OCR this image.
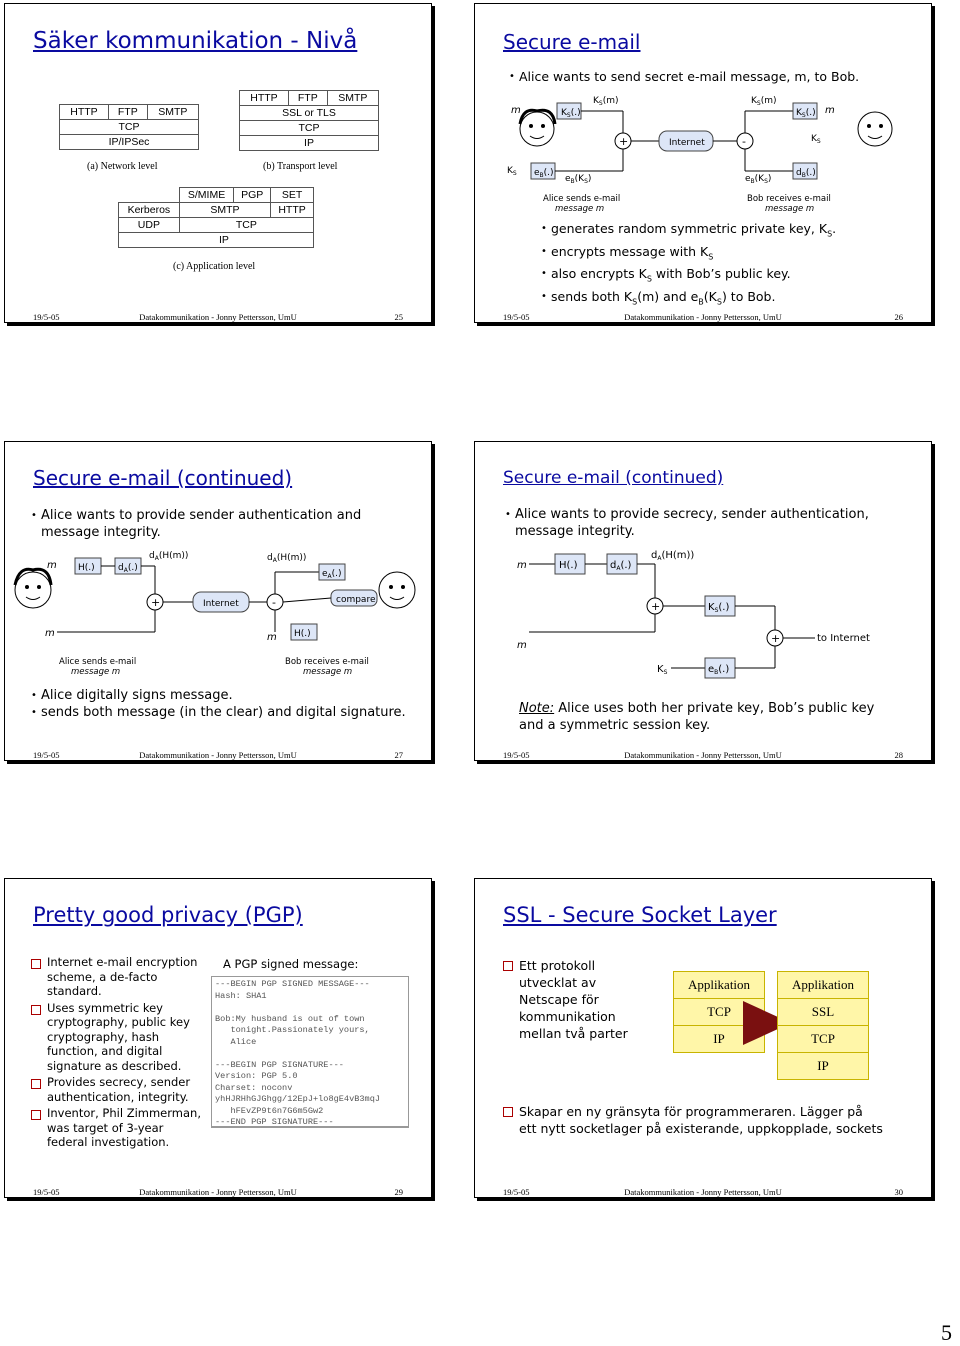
Säker kommunikation - Nivå
HTTP	FTP	SMTP
TCP
IP/IPSec
HTTP	FTP	SMTP
SSL or TLS
TCP
IP
(a) Network level	(b) Transport level
	S/MIME	PGP	SET
Kerberos	SMTP		HTTP
UDP	TCP		
IP			
(c) Application level
19/5-05	Datakommunikation - Jonny Pettersson, UmU	25
Secure e-mail
• Alice wants to send secret e-mail message, m, to Bob.
m	$K_S(.)$
$K_S(m)$
+	Internet	-
$K_S(m)$
$K_S(.)$ m
$K_S$
$K_S$ $e_B(.)$
$e_B(K_S)$	$e_B(K_S)$
$d_B(.)$
Alice sends e-mail
message m
Bob receives e-mail
message m
• generates random symmetric private key, $K_S$.
• encrypts message with $K_S$
• also encrypts $K_S$ with Bob’s public key.
• sends both $K_S(m)$ and $e_B(K_S)$ to Bob.
19/5-05	Datakommunikation - Jonny Pettersson, UmU	26
Secure e-mail (continued)
• Alice wants to provide sender authentication and message integrity.
m H(.)	$d_A(.)$
$d_A(H(m))$
+	Internet	-
$d_A(H(m))$
$e_A(.)$
compare
m	m H(.)
Alice sends e-mail
message m
Bob receives e-mail
message m
• Alice digitally signs message.
• sends both message (in the clear) and digital signature.
19/5-05	Datakommunikation - Jonny Pettersson, UmU	27
Secure e-mail (continued)
• Alice wants to provide secrecy, sender authentication, message integrity.
m	H(.)	$d_A(.)$
$d_A(H(m))$
+	$K_S(.)$
+	to Internet
m
$K_S$	$e_B(.)$
Note: Alice uses both her private key, Bob’s public key and a symmetric session key.
19/5-05	Datakommunikation - Jonny Pettersson, UmU	28
Pretty good privacy (PGP)
Internet e-mail encryption scheme, a de-facto standard.
Uses symmetric key cryptography, public key cryptography, hash function, and digital signature as described.
Provides secrecy, sender authentication, integrity.
Inventor, Phil Zimmerman, was target of 3-year federal investigation.
A PGP signed message:
---BEGIN PGP SIGNED MESSAGE---
Hash: SHA1
Bob:My husband is out of town
tonight.Passionately yours,
Alice
---BEGIN PGP SIGNATURE---
Version: PGP 5.0
Charset: noconv
yhHJRHhGJGhgg/12EpJ+lo8gE4vB3mqJ
hFEvZP9t6n7G6m5Gw2
---END PGP SIGNATURE---
19/5-05	Datakommunikation - Jonny Pettersson, UmU	29
SSL - Secure Socket Layer
Ett protokoll utvecklat av Netscape för kommunikation mellan två parter
Applikation
TCP
IP
Applikation
SSL
TCP
IP
Skapar en ny gränsyta för programmeraren. Lägger på ett nytt socketlager på existerande, uppkopplade, sockets
19/5-05	Datakommunikation - Jonny Pettersson, UmU	30
5
